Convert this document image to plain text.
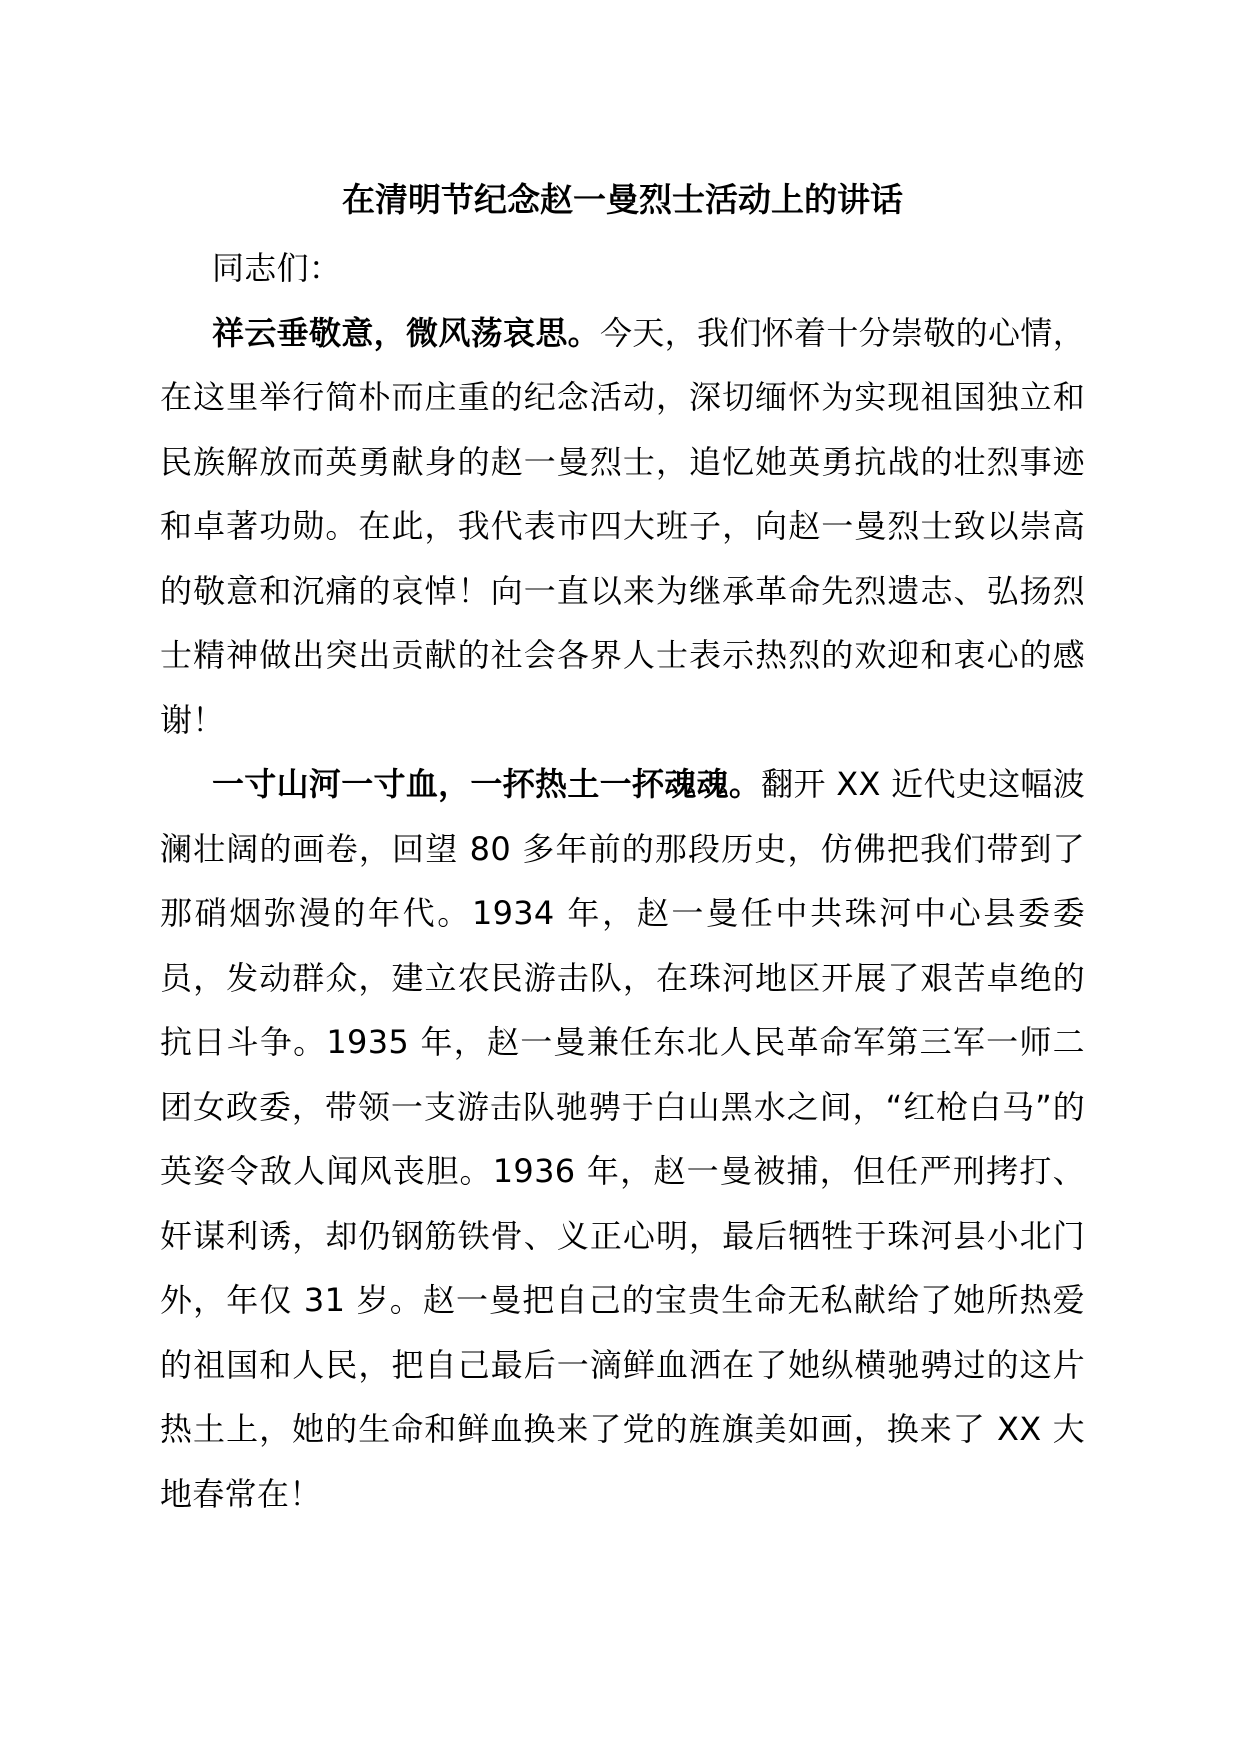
在清明节纪念赵一曼烈士活动上的讲话

同志们：

祥云垂敬意，微风荡哀思。今天，我们怀着十分崇敬的心情，在这里举行简朴而庄重的纪念活动，深切缅怀为实现祖国独立和民族解放而英勇献身的赵一曼烈士，追忆她英勇抗战的壮烈事迹和卓著功勋。在此，我代表市四大班子，向赵一曼烈士致以崇高的敬意和沉痛的哀悼！向一直以来为继承革命先烈遗志、弘扬烈士精神做出突出贡献的社会各界人士表示热烈的欢迎和衷心的感谢！

一寸山河一寸血，一抔热土一抔魂魂。翻开 XX 近代史这幅波澜壮阔的画卷，回望 80 多年前的那段历史，仿佛把我们带到了那硝烟弥漫的年代。1934 年，赵一曼任中共珠河中心县委委员，发动群众，建立农民游击队，在珠河地区开展了艰苦卓绝的抗日斗争。1935 年，赵一曼兼任东北人民革命军第三军一师二团女政委，带领一支游击队驰骋于白山黑水之间，“红枪白马”的英姿令敌人闻风丧胆。1936 年，赵一曼被捕，但任严刑拷打、奸谋利诱，却仍钢筋铁骨、义正心明，最后牺牲于珠河县小北门外，年仅 31 岁。赵一曼把自己的宝贵生命无私献给了她所热爱的祖国和人民，把自己最后一滴鲜血洒在了她纵横驰骋过的这片热土上，她的生命和鲜血换来了党的旌旗美如画，换来了 XX 大地春常在！
